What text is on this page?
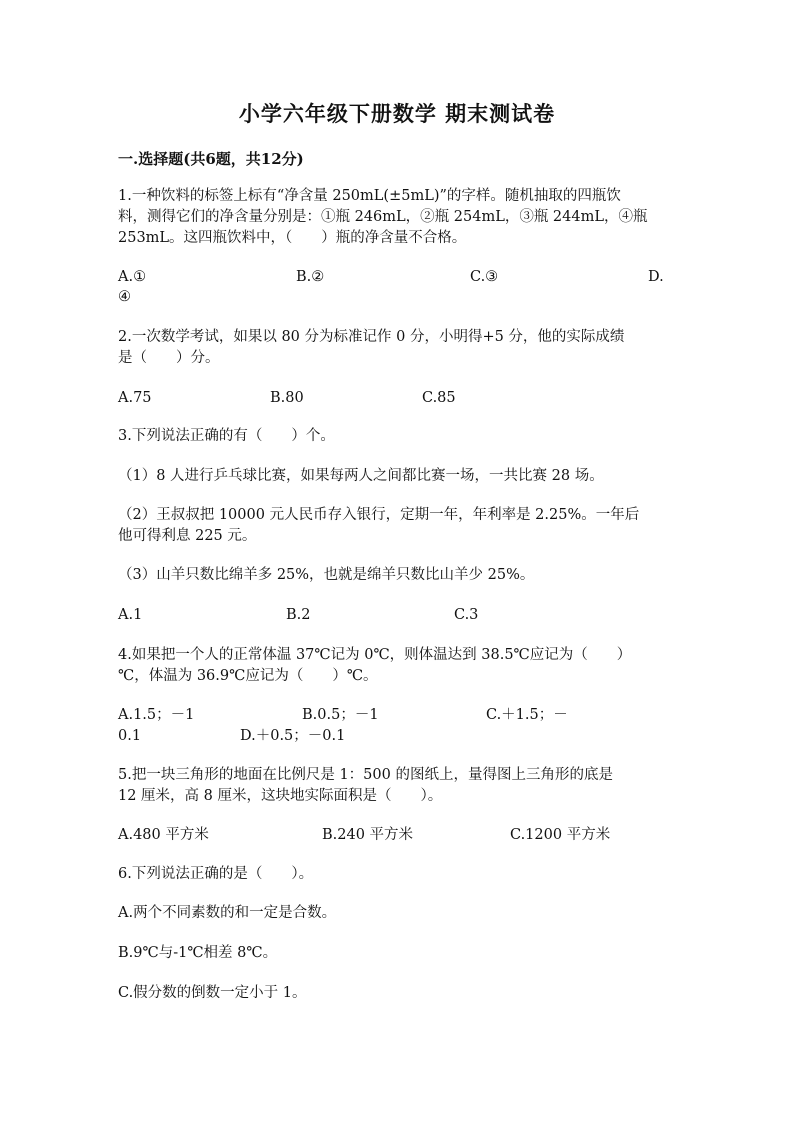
小学六年级下册数学 期末测试卷
一.选择题(共6题，共12分)
1.一种饮料的标签上标有“净含量 250mL(±5mL)”的字样。随机抽取的四瓶饮
料，测得它们的净含量分别是：①瓶 246mL，②瓶 254mL，③瓶 244mL，④瓶
253mL。这四瓶饮料中，（　　）瓶的净含量不合格。
A.①	B.②	C.③	D.
④
2.一次数学考试，如果以 80 分为标准记作 0 分，小明得+5 分，他的实际成绩
是（　　）分。
A.75	B.80	C.85
3.下列说法正确的有（　　）个。
（1）8 人进行乒乓球比赛，如果每两人之间都比赛一场，一共比赛 28 场。
（2）王叔叔把 10000 元人民币存入银行，定期一年，年利率是 2.25%。一年后
他可得利息 225 元。
（3）山羊只数比绵羊多 25%，也就是绵羊只数比山羊少 25%。
A.1	B.2	C.3
4.如果把一个人的正常体温 37℃记为 0℃，则体温达到 38.5℃应记为（　　）
℃，体温为 36.9℃应记为（　　）℃。
A.1.5；－1	B.0.5；－1	C.＋1.5；－
0.1	D.＋0.5；－0.1
5.把一块三角形的地面在比例尺是 1：500 的图纸上，量得图上三角形的底是
12 厘米，高 8 厘米，这块地实际面积是（　　）。
A.480 平方米	B.240 平方米	C.1200 平方米
6.下列说法正确的是（　　）。
A.两个不同素数的和一定是合数。
B.9℃与-1℃相差 8℃。
C.假分数的倒数一定小于 1。
